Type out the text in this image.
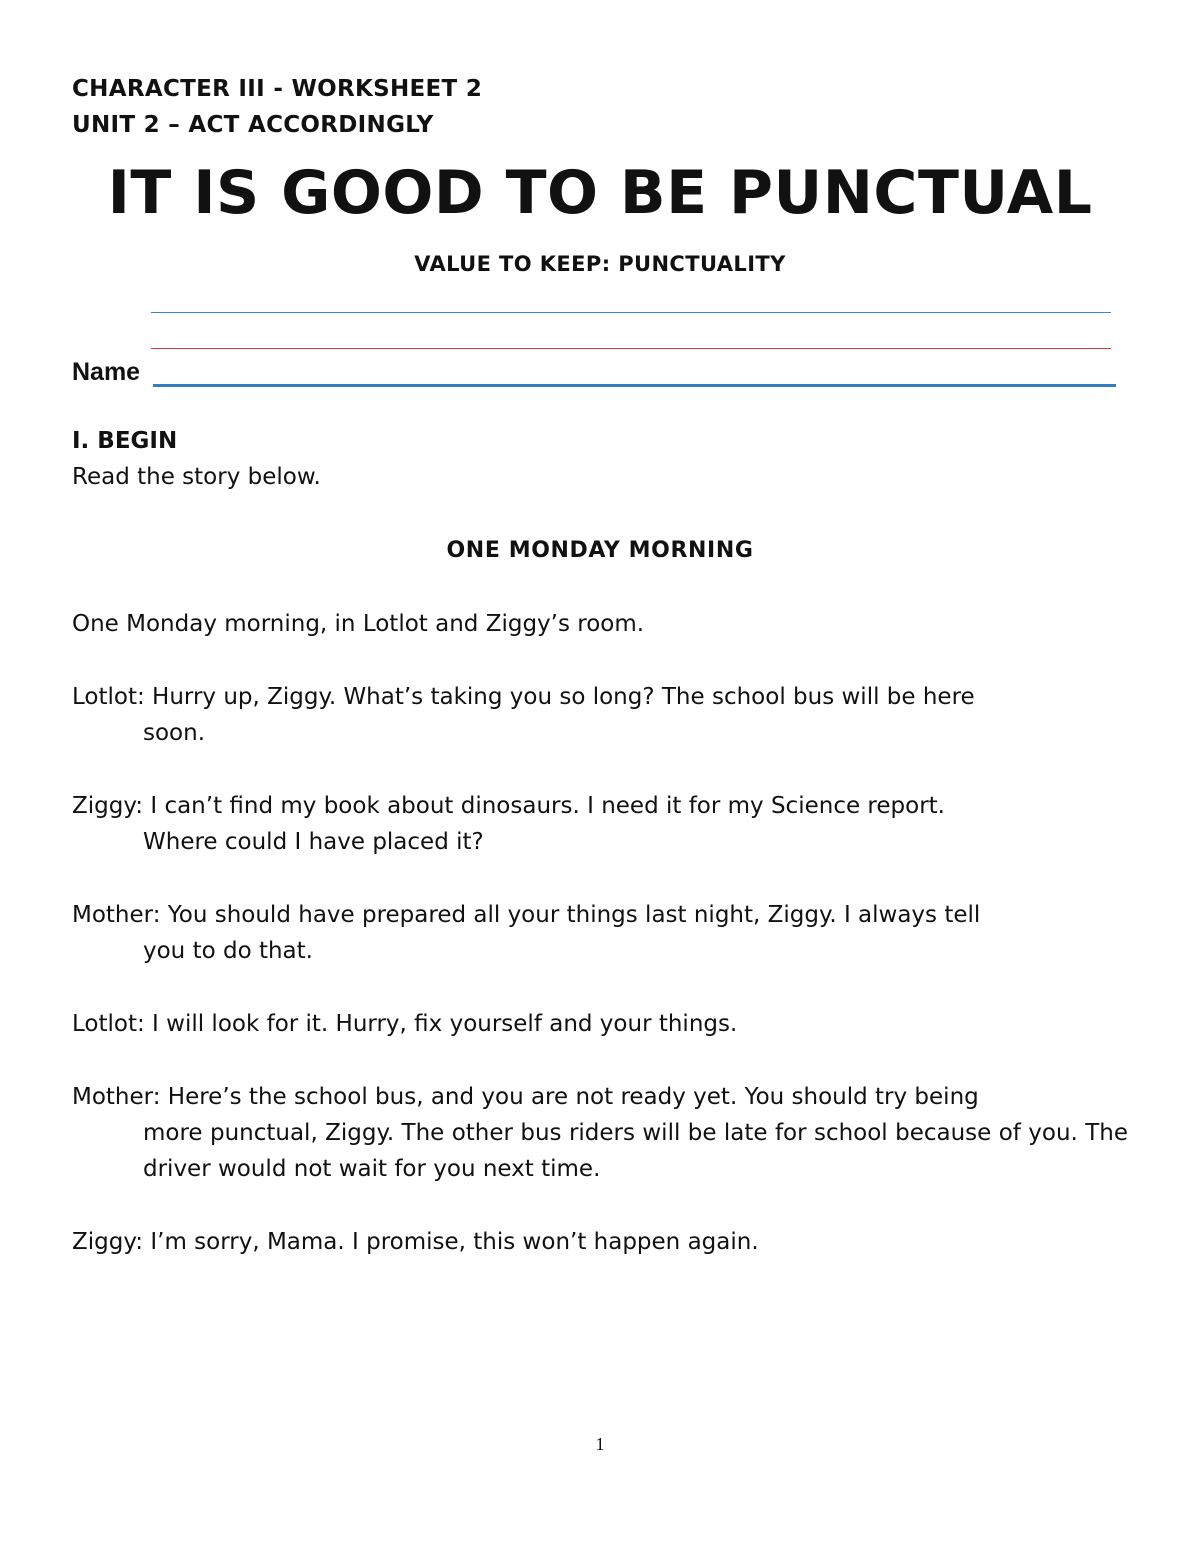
CHARACTER III - WORKSHEET 2
UNIT 2 – ACT ACCORDINGLY
IT IS GOOD TO BE PUNCTUAL
VALUE TO KEEP: PUNCTUALITY
Name
I. BEGIN
Read the story below.
ONE MONDAY MORNING
One Monday morning, in Lotlot and Ziggy’s room.
Lotlot: Hurry up, Ziggy. What’s taking you so long? The school bus will be here
soon.
Ziggy: I can’t find my book about dinosaurs. I need it for my Science report.
Where could I have placed it?
Mother: You should have prepared all your things last night, Ziggy. I always tell
you to do that.
Lotlot: I will look for it. Hurry, fix yourself and your things.
Mother: Here’s the school bus, and you are not ready yet. You should try being
more punctual, Ziggy. The other bus riders will be late for school because of you. The driver would not wait for you next time.
Ziggy: I’m sorry, Mama. I promise, this won’t happen again.
1
